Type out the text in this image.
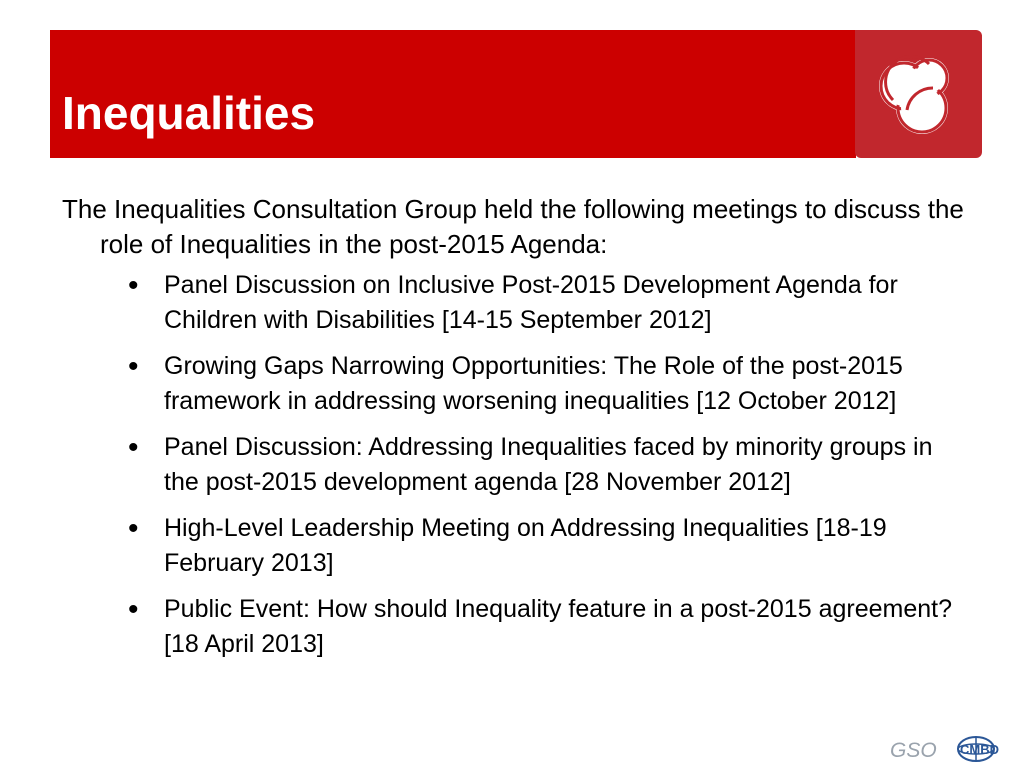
Inequalities

The Inequalities Consultation Group held the following meetings to discuss the role of Inequalities in the post-2015 Agenda:

• Panel Discussion on Inclusive Post-2015 Development Agenda for Children with Disabilities [14-15 September 2012]
• Growing Gaps Narrowing Opportunities: The Role of the post-2015 framework in addressing worsening inequalities [12 October 2012]
• Panel Discussion: Addressing Inequalities faced by minority groups in the post-2015 development agenda [28 November 2012]
• High-Level Leadership Meeting on Addressing Inequalities [18-19 February 2013]
• Public Event: How should Inequality feature in a post-2015 agreement? [18 April 2013]
GSO CMBD
